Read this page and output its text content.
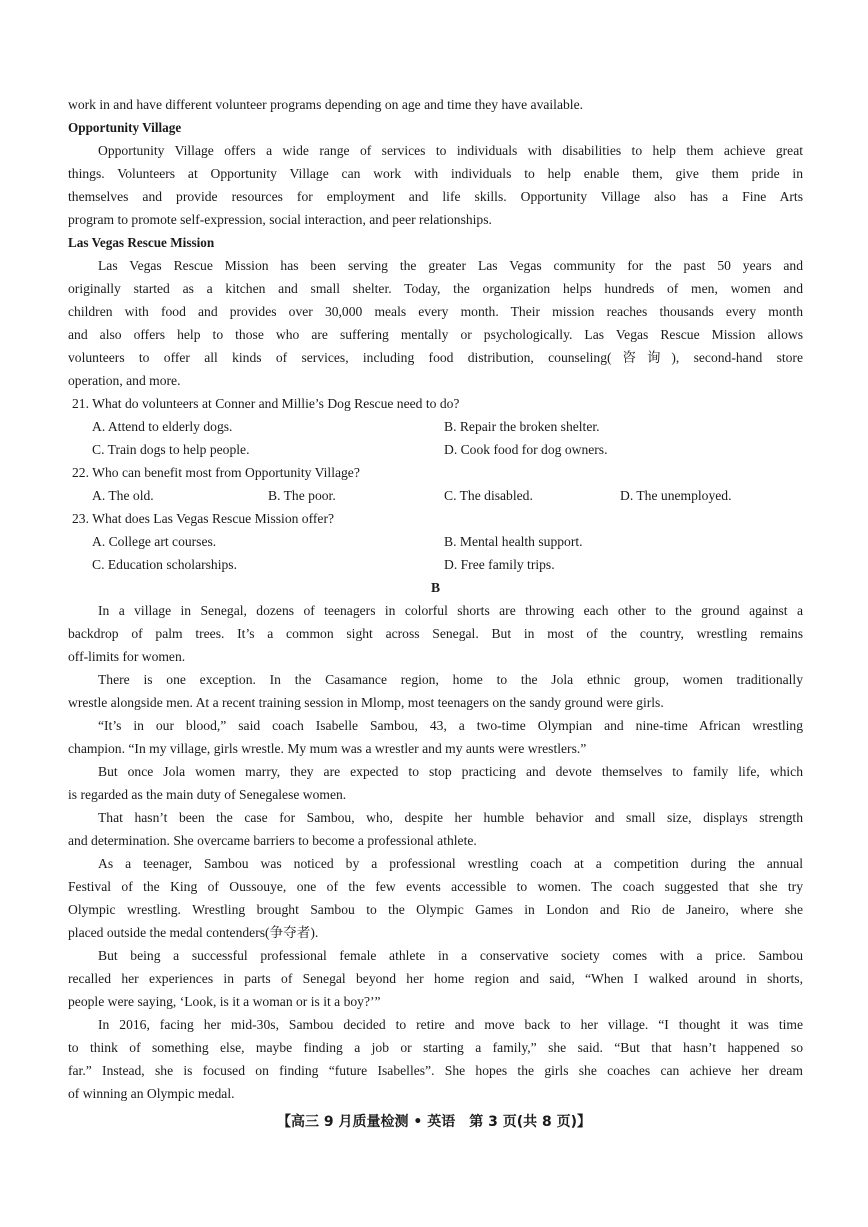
work in and have different volunteer programs depending on age and time they have available.

Opportunity Village

Opportunity Village offers a wide range of services to individuals with disabilities to help them achieve great

things. Volunteers at Opportunity Village can work with individuals to help enable them, give them pride in

themselves and provide resources for employment and life skills. Opportunity Village also has a Fine Arts

program to promote self-expression, social interaction, and peer relationships.

Las Vegas Rescue Mission

Las Vegas Rescue Mission has been serving the greater Las Vegas community for the past 50 years and

originally started as a kitchen and small shelter. Today, the organization helps hundreds of men, women and

children with food and provides over 30,000 meals every month. Their mission reaches thousands every month

and also offers help to those who are suffering mentally or psychologically. Las Vegas Rescue Mission allows

volunteers to offer all kinds of services, including food distribution, counseling(咨询), second-hand store

operation, and more.

21. What do volunteers at Conner and Millie’s Dog Rescue need to do?

A. Attend to elderly dogs.	B. Repair the broken shelter.
C. Train dogs to help people.	D. Cook food for dog owners.

22. Who can benefit most from Opportunity Village?

A. The old.	B. The poor.	C. The disabled.	D. The unemployed.

23. What does Las Vegas Rescue Mission offer?

A. College art courses.	B. Mental health support.
C. Education scholarships.	D. Free family trips.

B

In a village in Senegal, dozens of teenagers in colorful shorts are throwing each other to the ground against a

backdrop of palm trees. It’s a common sight across Senegal. But in most of the country, wrestling remains

off-limits for women.

There is one exception. In the Casamance region, home to the Jola ethnic group, women traditionally

wrestle alongside men. At a recent training session in Mlomp, most teenagers on the sandy ground were girls.

“It’s in our blood,” said coach Isabelle Sambou, 43, a two-time Olympian and nine-time African wrestling

champion. “In my village, girls wrestle. My mum was a wrestler and my aunts were wrestlers.”

But once Jola women marry, they are expected to stop practicing and devote themselves to family life, which

is regarded as the main duty of Senegalese women.

That hasn’t been the case for Sambou, who, despite her humble behavior and small size, displays strength

and determination. She overcame barriers to become a professional athlete.

As a teenager, Sambou was noticed by a professional wrestling coach at a competition during the annual

Festival of the King of Oussouye, one of the few events accessible to women. The coach suggested that she try

Olympic wrestling. Wrestling brought Sambou to the Olympic Games in London and Rio de Janeiro, where she

placed outside the medal contenders(争夺者).

But being a successful professional female athlete in a conservative society comes with a price. Sambou

recalled her experiences in parts of Senegal beyond her home region and said, “When I walked around in shorts,

people were saying, ‘Look, is it a woman or is it a boy?’”

In 2016, facing her mid-30s, Sambou decided to retire and move back to her village. “I thought it was time

to think of something else, maybe finding a job or starting a family,” she said. “But that hasn’t happened so

far.” Instead, she is focused on finding “future Isabelles”. She hopes the girls she coaches can achieve her dream

of winning an Olympic medal.

【高三 9 月质量检测 • 英语　第 3 页(共 8 页)】
